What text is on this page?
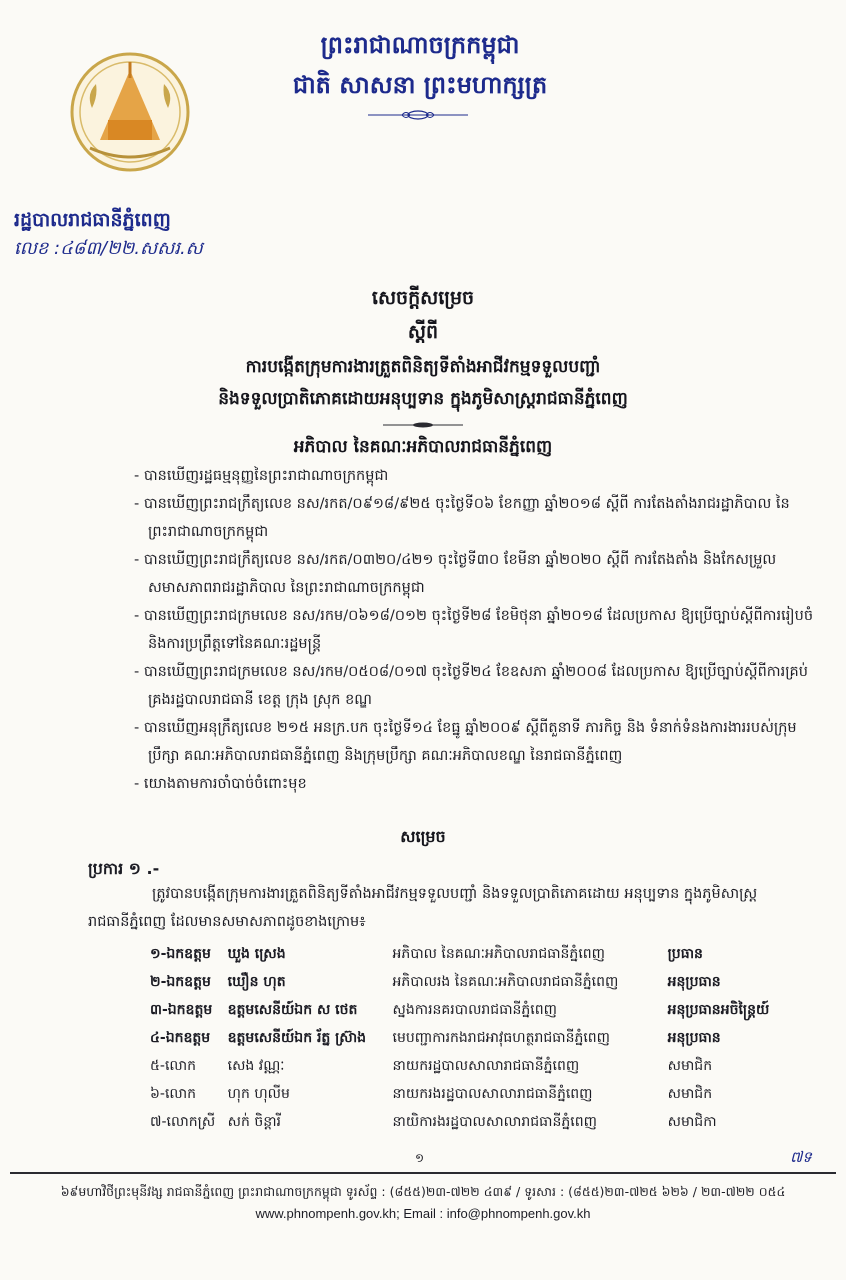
ព្រះរាជាណាចក្រកម្ពុជា
ជាតិ សាសនា ព្រះមហាក្សត្រ
រដ្ឋបាលរាជធានីភ្នំពេញ
លេខ :៤៨៣/២២.សសរ.ស
សេចក្ដីសម្រេច
ស្ដីពី
ការបង្កើតក្រុមការងារត្រួតពិនិត្យទីតាំងអាជីវកម្មទទួលបញ្ជាំ
និងទទួលប្រាតិភោគដោយអនុប្បទាន ក្នុងភូមិសាស្ត្ររាជធានីភ្នំពេញ
អភិបាល នៃគណៈអភិបាលរាជធានីភ្នំពេញ
- បានឃើញរដ្ឋធម្មនុញ្ញនៃព្រះរាជាណាចក្រកម្ពុជា
- បានឃើញព្រះរាជក្រឹត្យលេខ នស/រកត/០៩១៨/៩២៥ ចុះថ្ងៃទី០៦ ខែកញ្ញា ឆ្នាំ២០១៨ ស្ដីពី ការតែងតាំងរាជរដ្ឋាភិបាល នៃព្រះរាជាណាចក្រកម្ពុជា
- បានឃើញព្រះរាជក្រឹត្យលេខ នស/រកត/០៣២០/៤២១ ចុះថ្ងៃទី៣០ ខែមីនា ឆ្នាំ២០២០ ស្ដីពី ការតែងតាំង និងកែសម្រួលសមាសភាពរាជរដ្ឋាភិបាល នៃព្រះរាជាណាចក្រកម្ពុជា
- បានឃើញព្រះរាជក្រមលេខ នស/រកម/០៦១៨/០១២ ចុះថ្ងៃទី២៨ ខែមិថុនា ឆ្នាំ២០១៨ ដែលប្រកាស ឱ្យប្រើច្បាប់ស្ដីពីការរៀបចំ និងការប្រព្រឹត្តទៅនៃគណៈរដ្ឋមន្ត្រី
- បានឃើញព្រះរាជក្រមលេខ នស/រកម/០៥០៨/០១៧ ចុះថ្ងៃទី២៤ ខែឧសភា ឆ្នាំ២០០៨ ដែលប្រកាស ឱ្យប្រើច្បាប់ស្ដីពីការគ្រប់គ្រងរដ្ឋបាលរាជធានី ខេត្ត ក្រុង ស្រុក ខណ្ឌ
- បានឃើញអនុក្រឹត្យលេខ ២១៥ អនក្រ.បក ចុះថ្ងៃទី១៤ ខែធ្នូ ឆ្នាំ២០០៩ ស្ដីពីតួនាទី ភារកិច្ច និង ទំនាក់ទំនងការងាររបស់ក្រុមប្រឹក្សា គណៈអភិបាលរាជធានីភ្នំពេញ និងក្រុមប្រឹក្សា គណៈអភិបាលខណ្ឌ នៃរាជធានីភ្នំពេញ
- យោងតាមការចាំបាច់ចំពោះមុខ
សម្រេច
ប្រការ ១ .-
ត្រូវបានបង្កើតក្រុមការងារត្រួតពិនិត្យទីតាំងអាជីវកម្មទទួលបញ្ជាំ និងទទួលប្រាតិភោគដោយ អនុប្បទាន ក្នុងភូមិសាស្ត្ររាជធានីភ្នំពេញ ដែលមានសមាសភាពដូចខាងក្រោម៖
១-ឯកឧត្ដម	ឃួង ស្រេង	អភិបាល នៃគណៈអភិបាលរាជធានីភ្នំពេញ	ប្រធាន
២-ឯកឧត្ដម	ឃឿន ហុត	អភិបាលរង នៃគណៈអភិបាលរាជធានីភ្នំពេញ	អនុប្រធាន
៣-ឯកឧត្ដម	ឧត្ដមសេនីយ៍ឯក ស ថេត	ស្នងការនគរបាលរាជធានីភ្នំពេញ	អនុប្រធានអចិន្ត្រៃយ៍
៤-ឯកឧត្ដម	ឧត្ដមសេនីយ៍ឯក រ័ត្ន ស្រ៊ាង	មេបញ្ជាការកងរាជអាវុធហត្ថរាជធានីភ្នំពេញ	អនុប្រធាន
៥-លោក	សេង វណ្ណៈ	នាយករដ្ឋបាលសាលារាជធានីភ្នំពេញ	សមាជិក
៦-លោក	ហុក ហុលីម	នាយករងរដ្ឋបាលសាលារាជធានីភ្នំពេញ	សមាជិក
៧-លោកស្រី	សក់ ចិន្តារី	នាយិការងរដ្ឋបាលសាលារាជធានីភ្នំពេញ	សមាជិកា
១	៧ទ
៦៩មហាវិថីព្រះមុនីវង្ស រាជធានីភ្នំពេញ ព្រះរាជាណាចក្រកម្ពុជា ទូរស័ព្ទ : (៨៥៥)២៣-៧២២ ៤៣៩ / ទូរសារ : (៨៥៥)២៣-៧២៥ ៦២៦ / ២៣-៧២២ ០៥៤
www.phnompenh.gov.kh; Email : info@phnompenh.gov.kh
